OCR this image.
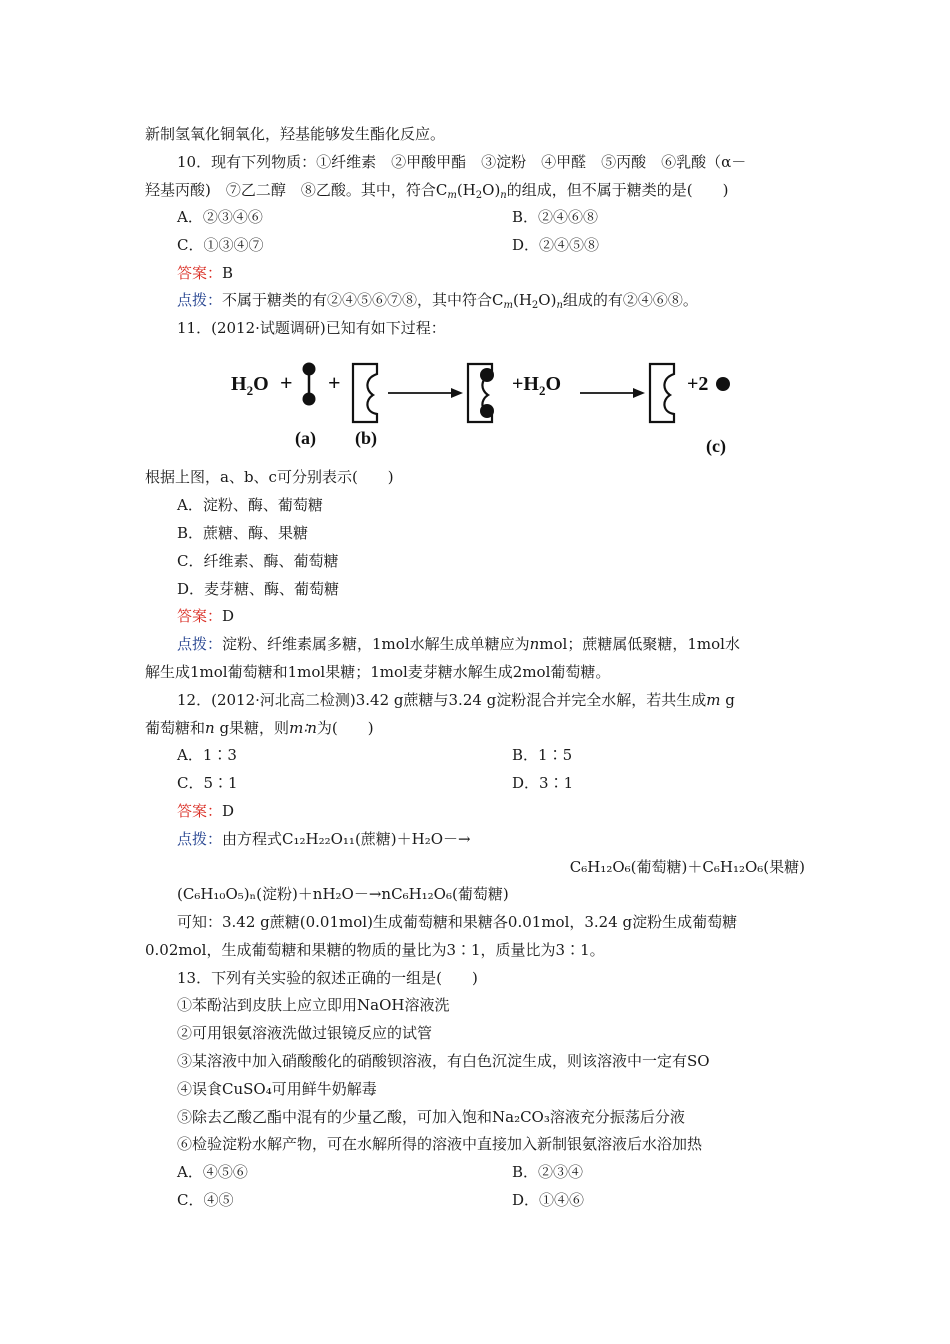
新制氢氧化铜氧化，羟基能够发生酯化反应。
10．现有下列物质：①纤维素　②甲酸甲酯　③淀粉　④甲醛　⑤丙酸　⑥乳酸（α－
羟基丙酸)　⑦乙二醇　⑧乙酸。其中，符合$C_m(H_2O)_n$的组成，但不属于糖类的是(　　)
A．②③④⑥	B．②④⑥⑧
C．①③④⑦	D．②④⑤⑧
答案：B
点拨：不属于糖类的有②④⑤⑥⑦⑧，其中符合$C_m(H_2O)_n$组成的有②④⑥⑧。
11．(2012·试题调研)已知有如下过程：
$H_2O$ + +	$+H_2O$	+2
(a) (b)	(c)
根据上图，a、b、c可分别表示(　　)
A．淀粉、酶、葡萄糖
B．蔗糖、酶、果糖
C．纤维素、酶、葡萄糖
D．麦芽糖、酶、葡萄糖
答案：D
点拨：淀粉、纤维素属多糖，1mol水解生成单糖应为nmol；蔗糖属低聚糖，1mol水
解生成1mol葡萄糖和1mol果糖；1mol麦芽糖水解生成2mol葡萄糖。
12．(2012·河北高二检测)3.42 g蔗糖与3.24 g淀粉混合并完全水解，若共生成m g
葡萄糖和n g果糖，则m∶n为(　　)
A．1∶3	B．1∶5
C．5∶1	D．3∶1
答案：D
点拨：由方程式C₁₂H₂₂O₁₁(蔗糖)＋H₂O－→
C₆H₁₂O₆(葡萄糖)＋C₆H₁₂O₆(果糖)
(C₆H₁₀O₅)ₙ(淀粉)＋nH₂O－→nC₆H₁₂O₆(葡萄糖)
可知：3.42 g蔗糖(0.01mol)生成葡萄糖和果糖各0.01mol，3.24 g淀粉生成葡萄糖
0.02mol，生成葡萄糖和果糖的物质的量比为3∶1，质量比为3∶1。
13．下列有关实验的叙述正确的一组是(　　)
①苯酚沾到皮肤上应立即用NaOH溶液洗
②可用银氨溶液洗做过银镜反应的试管
③某溶液中加入硝酸酸化的硝酸钡溶液，有白色沉淀生成，则该溶液中一定有SO
④误食CuSO₄可用鲜牛奶解毒
⑤除去乙酸乙酯中混有的少量乙酸，可加入饱和Na₂CO₃溶液充分振荡后分液
⑥检验淀粉水解产物，可在水解所得的溶液中直接加入新制银氨溶液后水浴加热
A．④⑤⑥	B．②③④
C．④⑤	D．①④⑥
